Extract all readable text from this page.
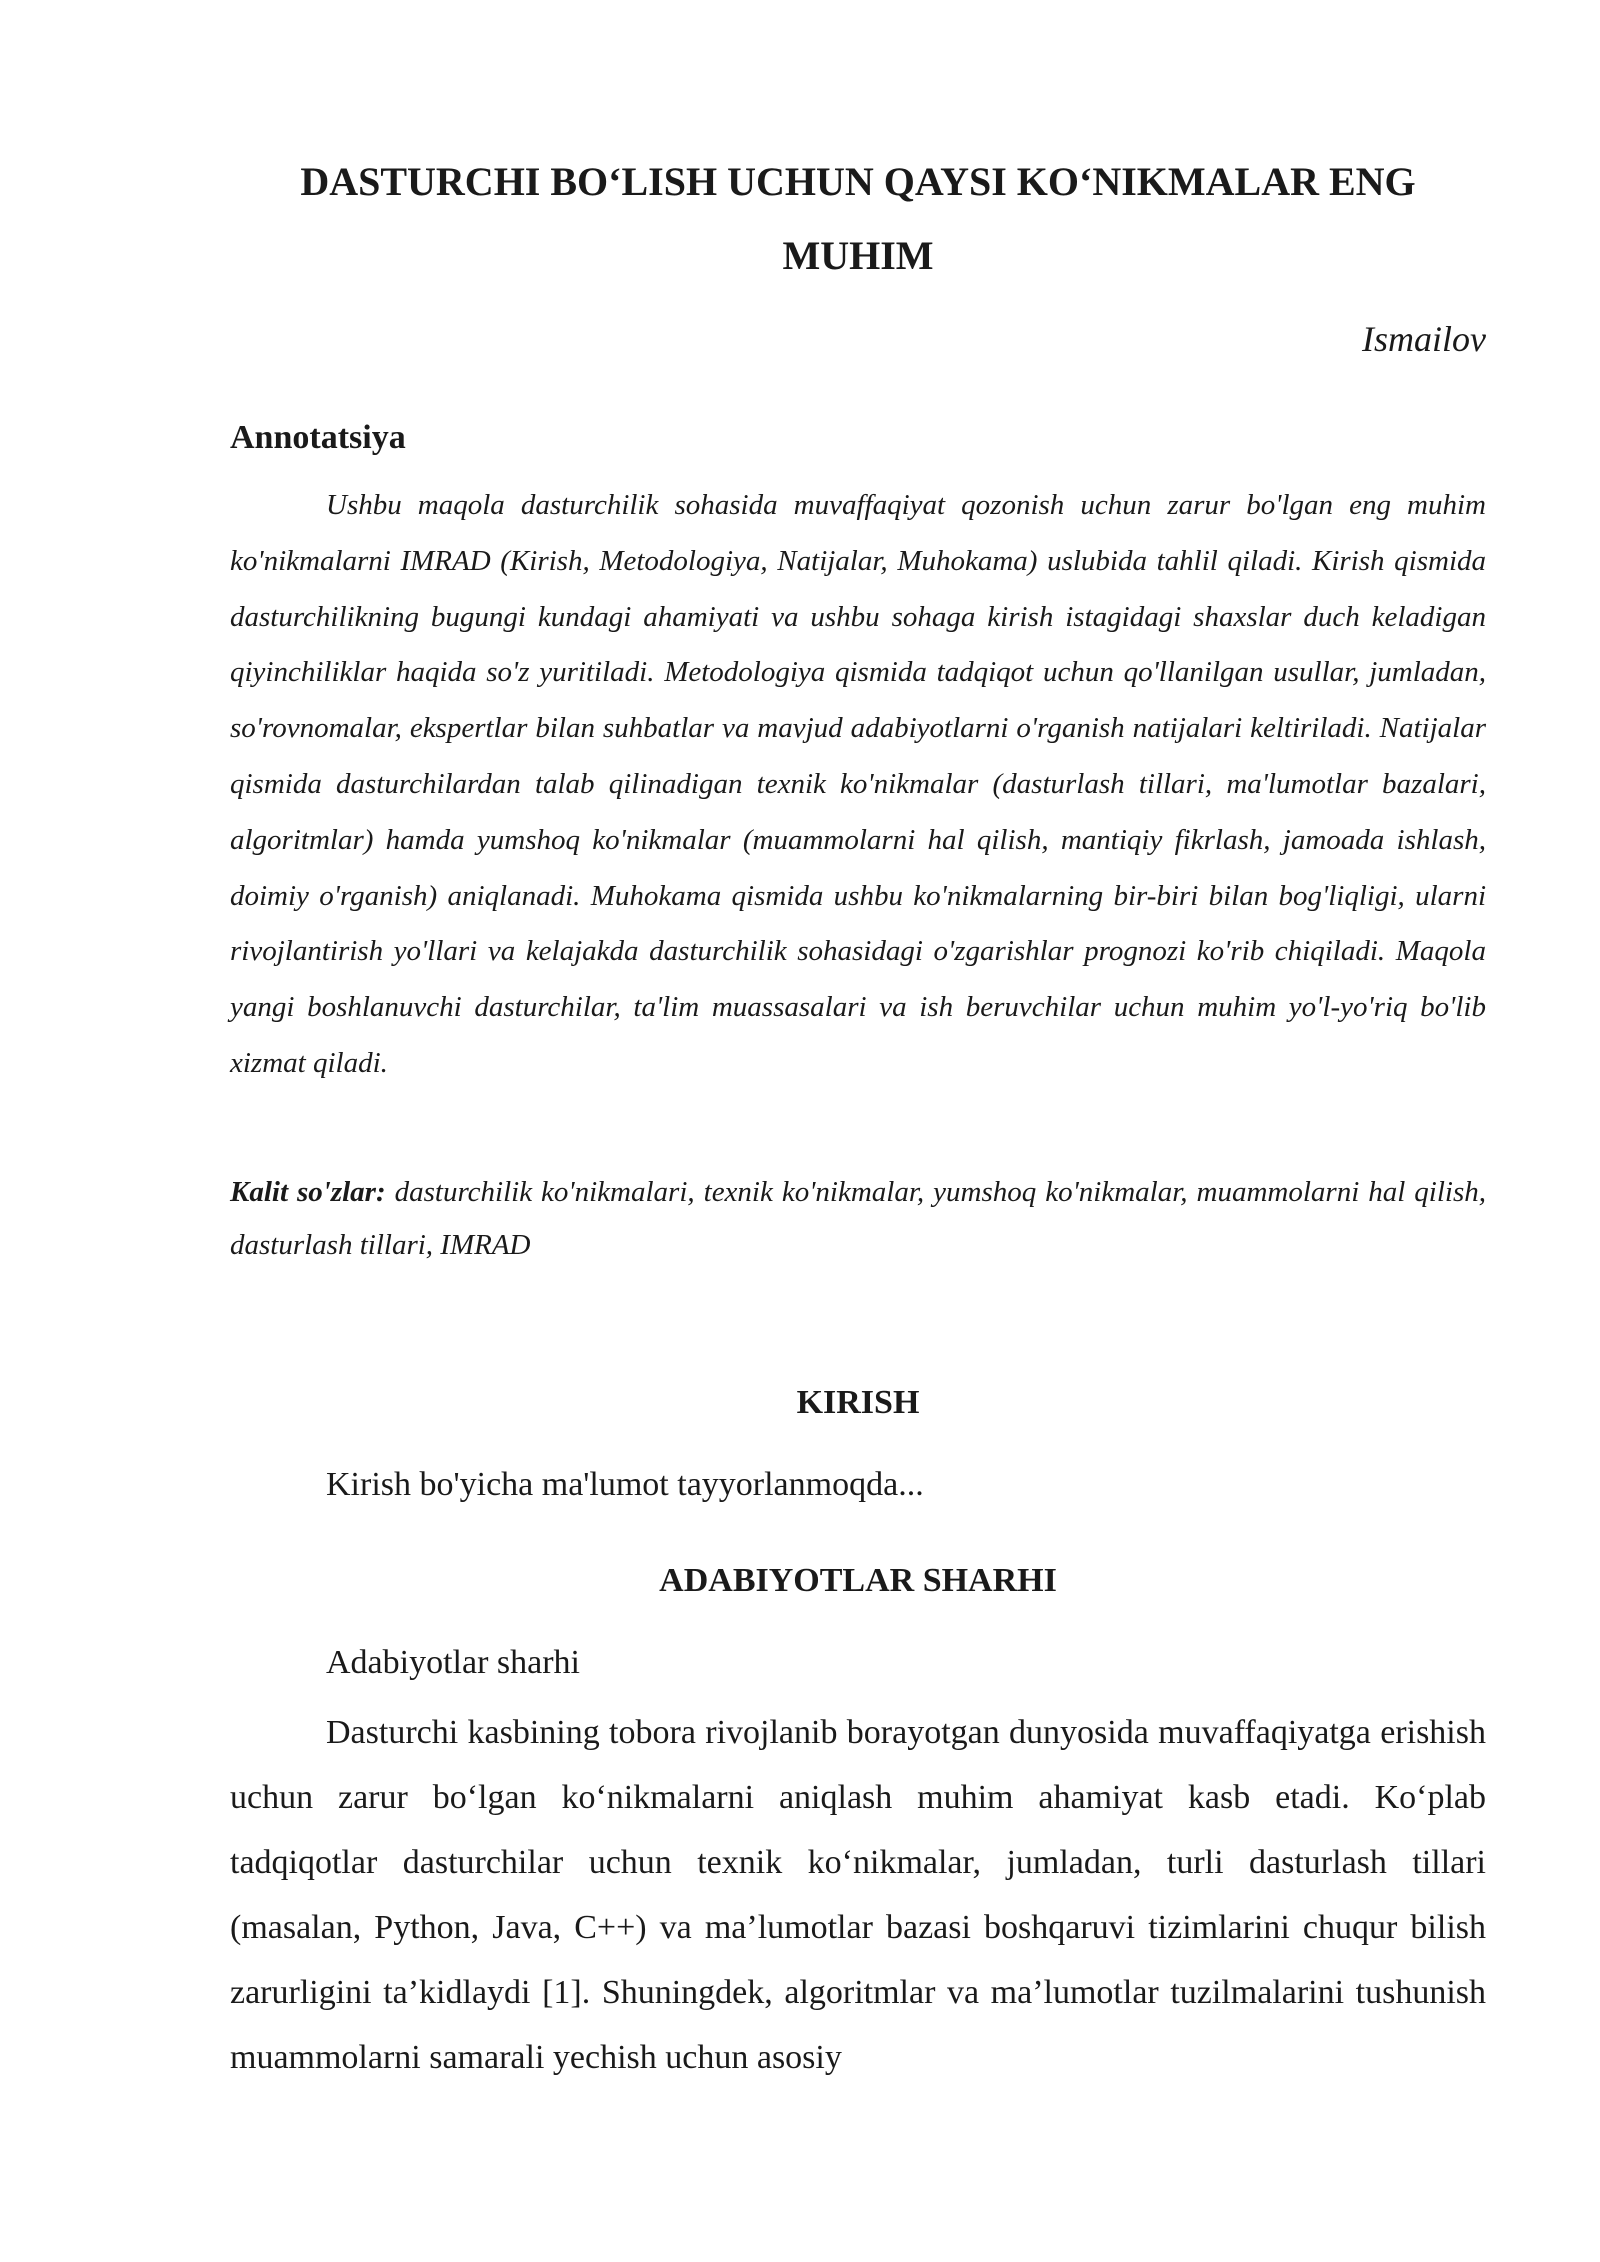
DASTURCHI BO‘LISH UCHUN QAYSI KO‘NIKMALAR ENG MUHIM

Ismailov

Annotatsiya

Ushbu maqola dasturchilik sohasida muvaffaqiyat qozonish uchun zarur bo'lgan eng muhim ko'nikmalarni IMRAD (Kirish, Metodologiya, Natijalar, Muhokama) uslubida tahlil qiladi. Kirish qismida dasturchilikning bugungi kundagi ahamiyati va ushbu sohaga kirish istagidagi shaxslar duch keladigan qiyinchiliklar haqida so'z yuritiladi. Metodologiya qismida tadqiqot uchun qo'llanilgan usullar, jumladan, so'rovnomalar, ekspertlar bilan suhbatlar va mavjud adabiyotlarni o'rganish natijalari keltiriladi. Natijalar qismida dasturchilardan talab qilinadigan texnik ko'nikmalar (dasturlash tillari, ma'lumotlar bazalari, algoritmlar) hamda yumshoq ko'nikmalar (muammolarni hal qilish, mantiqiy fikrlash, jamoada ishlash, doimiy o'rganish) aniqlanadi. Muhokama qismida ushbu ko'nikmalarning bir-biri bilan bog'liqligi, ularni rivojlantirish yo'llari va kelajakda dasturchilik sohasidagi o'zgarishlar prognozi ko'rib chiqiladi. Maqola yangi boshlanuvchi dasturchilar, ta'lim muassasalari va ish beruvchilar uchun muhim yo'l-yo'riq bo'lib xizmat qiladi.

Kalit so'zlar: dasturchilik ko'nikmalari, texnik ko'nikmalar, yumshoq ko'nikmalar, muammolarni hal qilish, dasturlash tillari, IMRAD

KIRISH

Kirish bo'yicha ma'lumot tayyorlanmoqda...

ADABIYOTLAR SHARHI

Adabiyotlar sharhi

Dasturchi kasbining tobora rivojlanib borayotgan dunyosida muvaffaqiyatga erishish uchun zarur bo‘lgan ko‘nikmalarni aniqlash muhim ahamiyat kasb etadi. Ko‘plab tadqiqotlar dasturchilar uchun texnik ko‘nikmalar, jumladan, turli dasturlash tillari (masalan, Python, Java, C++) va ma’lumotlar bazasi boshqaruvi tizimlarini chuqur bilish zarurligini ta’kidlaydi [1]. Shuningdek, algoritmlar va ma’lumotlar tuzilmalarini tushunish muammolarni samarali yechish uchun asosiy
